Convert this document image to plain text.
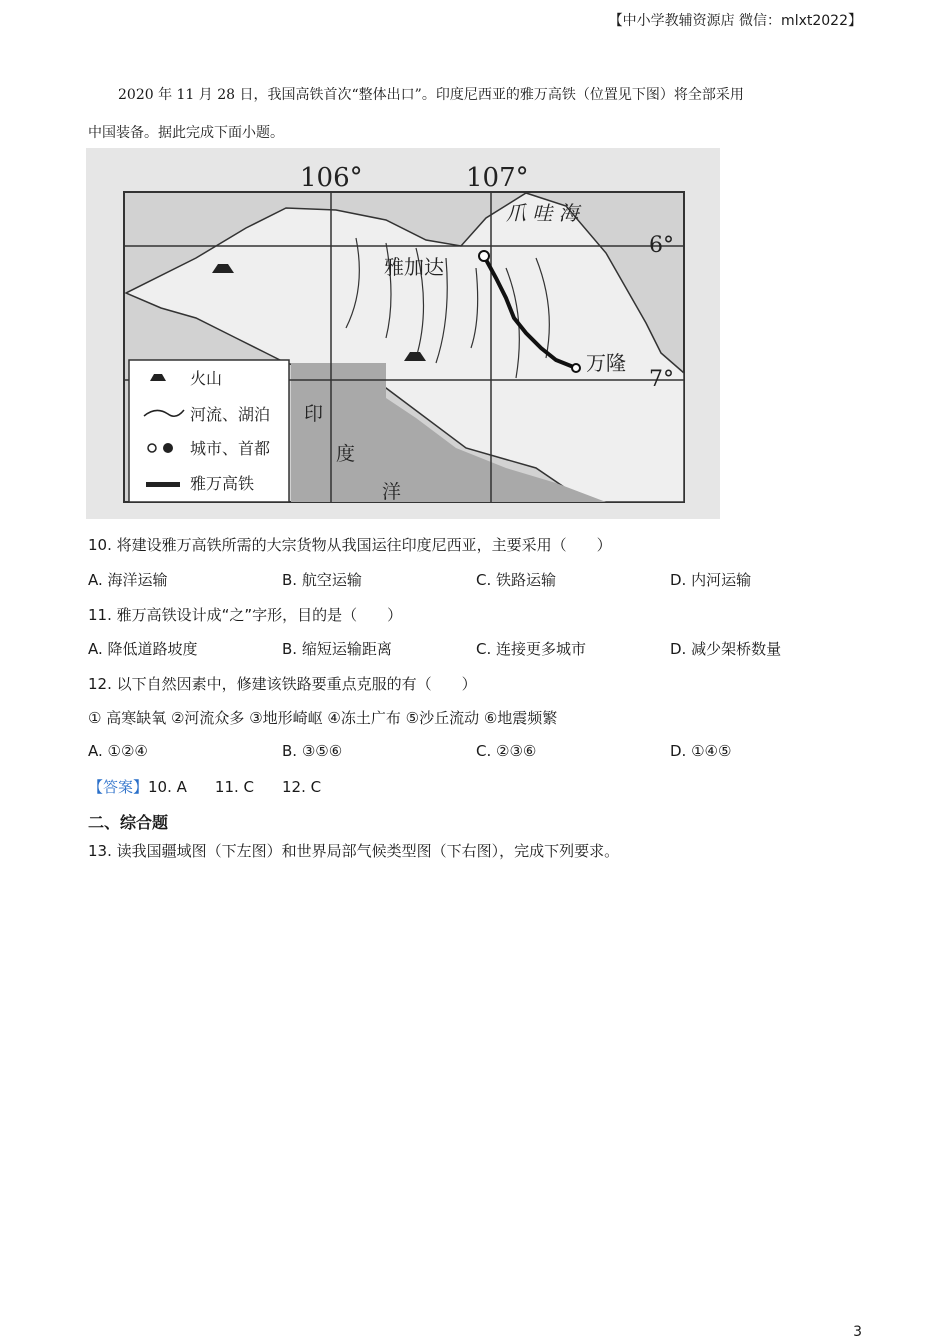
【中小学教辅资源店 微信：mlxt2022】
2020 年 11 月 28 日，我国高铁首次“整体出口”。印度尼西亚的雅万高铁（位置见下图）将全部采用
中国装备。据此完成下面小题。
106°	107°
6°
7°
爪 哇 海
雅加达
万隆
印
度
洋
火山
河流、湖泊
城市、首都
雅万高铁
10. 将建设雅万高铁所需的大宗货物从我国运往印度尼西亚，主要采用（　　）
A. 海洋运输	B. 航空运输	C. 铁路运输	D. 内河运输
11. 雅万高铁设计成“之”字形，目的是（　　）
A. 降低道路坡度	B. 缩短运输距离	C. 连接更多城市	D. 减少架桥数量
12. 以下自然因素中，修建该铁路要重点克服的有（　　）
① 高寒缺氧 ②河流众多 ③地形崎岖 ④冻土广布 ⑤沙丘流动 ⑥地震频繁
A. ①②④	B. ③⑤⑥	C. ②③⑥	D. ①④⑤
【答案】10. A 11. C 12. C
二、综合题
13. 读我国疆域图（下左图）和世界局部气候类型图（下右图），完成下列要求。
3
